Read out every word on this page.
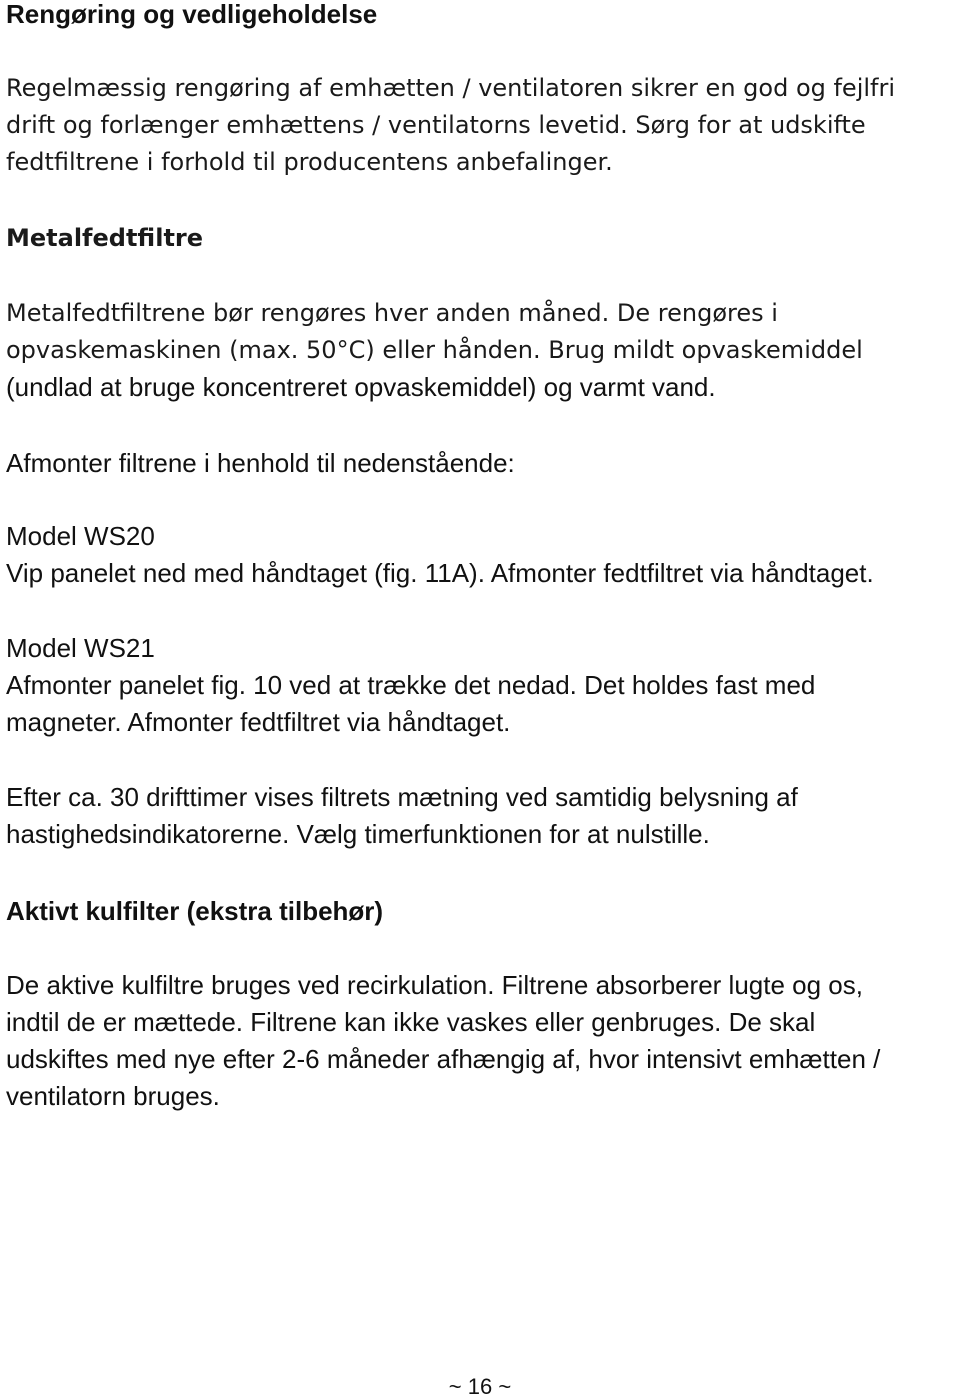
Rengøring og vedligeholdelse

Regelmæssig rengøring af emhætten / ventilatoren sikrer en god og fejlfri
drift og forlænger emhættens / ventilatorns levetid. Sørg for at udskifte
fedtfiltrene i forhold til producentens anbefalinger.

Metalfedtfiltre

Metalfedtfiltrene bør rengøres hver anden måned. De rengøres i
opvaskemaskinen (max. 50°C) eller hånden. Brug mildt opvaskemiddel
(undlad at bruge koncentreret opvaskemiddel) og varmt vand.

Afmonter filtrene i henhold til nedenstående:

Model WS20
Vip panelet ned med håndtaget (fig. 11A). Afmonter fedtfiltret via håndtaget.
Model WS21
Afmonter panelet fig. 10 ved at trække det nedad. Det holdes fast med
magneter. Afmonter fedtfiltret via håndtaget.

Efter ca. 30 drifttimer vises filtrets mætning ved samtidig belysning af
hastighedsindikatorerne. Vælg timerfunktionen for at nulstille.

Aktivt kulfilter (ekstra tilbehør)

De aktive kulfiltre bruges ved recirkulation. Filtrene absorberer lugte og os,
indtil de er mættede. Filtrene kan ikke vaskes eller genbruges. De skal
udskiftes med nye efter 2-6 måneder afhængig af, hvor intensivt emhætten /
ventilatorn bruges.

~ 16 ~
